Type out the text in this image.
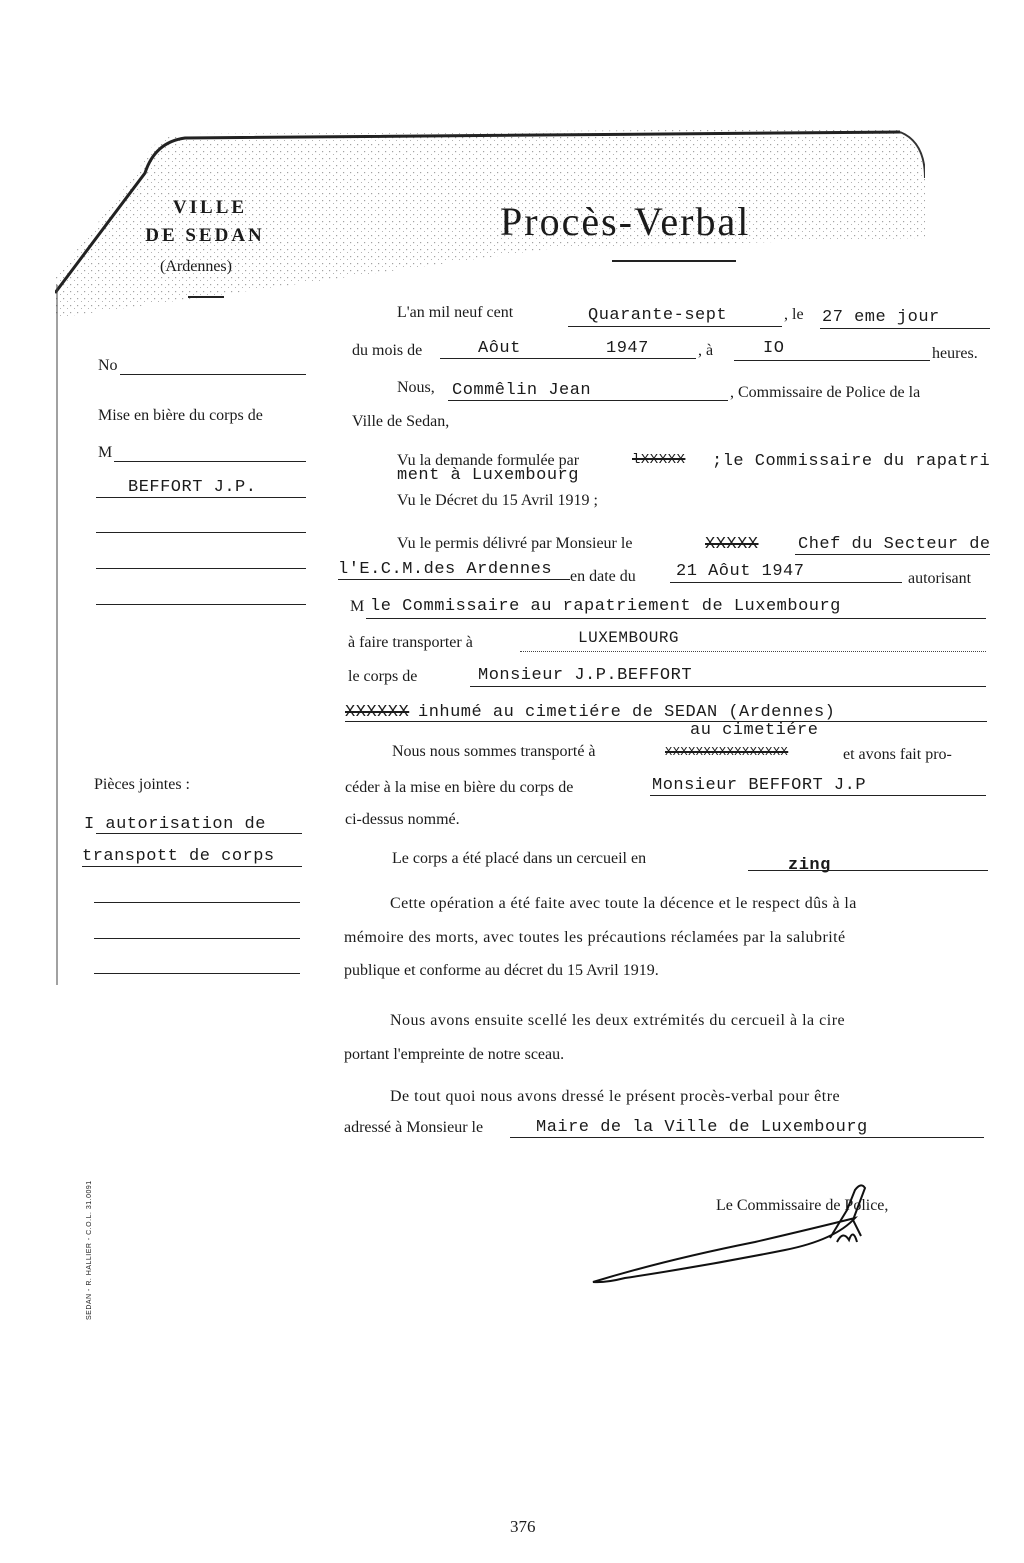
VILLE
DE SEDAN
(Ardennes)
Procès-Verbal
No
Mise en bière du corps de
M
BEFFORT J.P.
Pièces jointes :
I autorisation de
transpott de corps
SEDAN - R. HALLIER - C.O.L. 31.0091
L'an mil neuf cent	Quarante-sept	, le 27 eme jour
du mois de	Aôut	1947	, à	IO	heures.
Nous, Commêlin Jean	, Commissaire de Police de la
Ville de Sedan,
Vu la demande formulée par	lXXXXX ;le Commissaire du rapatri
ment à Luxembourg
Vu le Décret du 15 Avril 1919 ;
Vu le permis délivré par Monsieur le	XXXXX Chef du Secteur de
l'E.C.M.des Ardennes en date du 21 Aôut 1947	autorisant
M le Commissaire au rapatriement de Luxembourg
à faire transporter à	LUXEMBOURG
le corps de	Monsieur J.P.BEFFORT
XXXXXX inhumé au cimetiére de SEDAN (Ardennes)
au cimetiére
Nous nous sommes transporté à	XXXXXXXXXXXXXXXX	et avons fait pro-
céder à la mise en bière du corps de	Monsieur BEFFORT J.P
ci-dessus nommé.
Le corps a été placé dans un cercueil en	zing
Cette opération a été faite avec toute la décence et le respect dûs à la
mémoire des morts, avec toutes les précautions réclamées par la salubrité
publique et conforme au décret du 15 Avril 1919.
Nous avons ensuite scellé les deux extrémités du cercueil à la cire
portant l'empreinte de notre sceau.
De tout quoi nous avons dressé le présent procès-verbal pour être
adressé à Monsieur le	Maire de la Ville de Luxembourg
Le Commissaire de Police,
376
